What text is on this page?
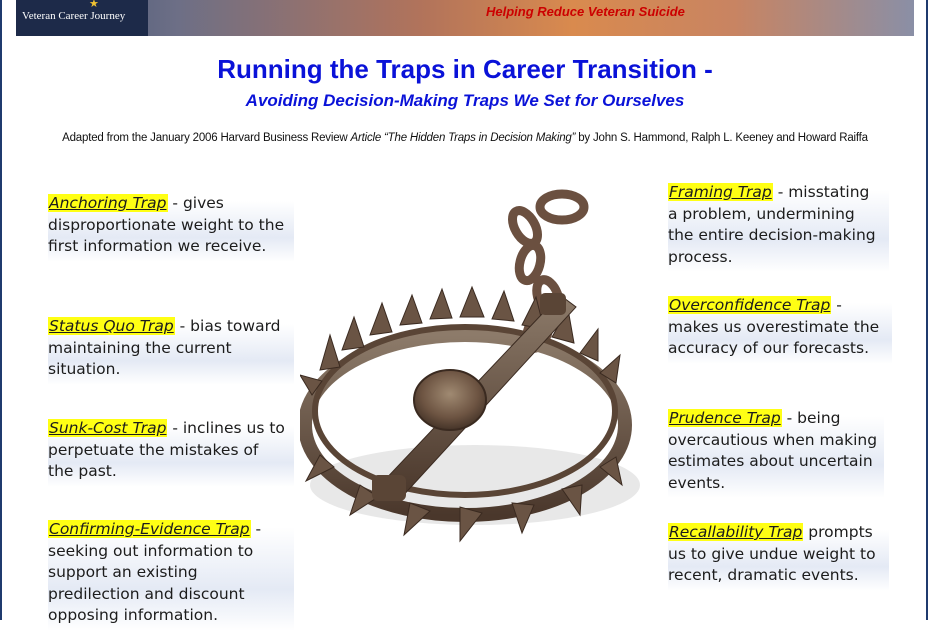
★
Veteran Career Journey	Helping Reduce Veteran Suicide
Running the Traps in Career Transition -
Avoiding Decision-Making Traps We Set for Ourselves
Adapted from the January 2006 Harvard Business Review Article “The Hidden Traps in Decision Making” by John S. Hammond, Ralph L. Keeney and Howard Raiffa
Anchoring Trap - gives disproportionate weight to the first information we receive.
Status Quo Trap - bias toward maintaining the current situation.
Sunk-Cost Trap - inclines us to perpetuate the mistakes of the past.
Confirming-Evidence Trap - seeking out information to support an existing predilection and discount opposing information.
Framing Trap - misstating a problem, undermining the entire decision-making process.
Overconfidence Trap - makes us overestimate the accuracy of our forecasts.
Prudence Trap - being overcautious when making estimates about uncertain events.
Recallability Trap prompts us to give undue weight to recent, dramatic events.
